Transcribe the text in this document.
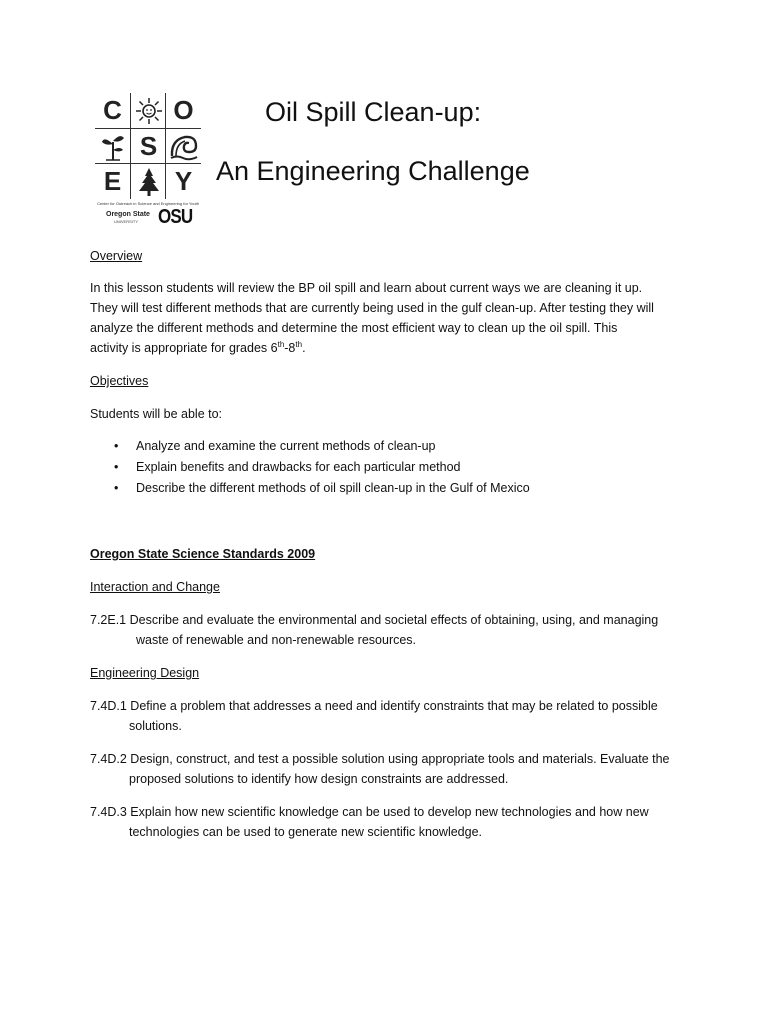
C	O
S
E	Y
Center for Outreach in Science and Engineering for Youth
Oregon State
UNIVERSITY OSU
Oil Spill Clean-up:
An Engineering Challenge
Overview
In this lesson students will review the BP oil spill and learn about current ways we are cleaning it up.
They will test different methods that are currently being used in the gulf clean-up. After testing they will
analyze the different methods and determine the most efficient way to clean up the oil spill. This
activity is appropriate for grades 6th-8th.
Objectives
Students will be able to:
• Analyze and examine the current methods of clean-up
• Explain benefits and drawbacks for each particular method
• Describe the different methods of oil spill clean-up in the Gulf of Mexico
Oregon State Science Standards 2009
Interaction and Change
7.2E.1 Describe and evaluate the environmental and societal effects of obtaining, using, and managing
waste of renewable and non-renewable resources.
Engineering Design
7.4D.1 Define a problem that addresses a need and identify constraints that may be related to possible
solutions.
7.4D.2 Design, construct, and test a possible solution using appropriate tools and materials. Evaluate the
proposed solutions to identify how design constraints are addressed.
7.4D.3 Explain how new scientific knowledge can be used to develop new technologies and how new
technologies can be used to generate new scientific knowledge.
